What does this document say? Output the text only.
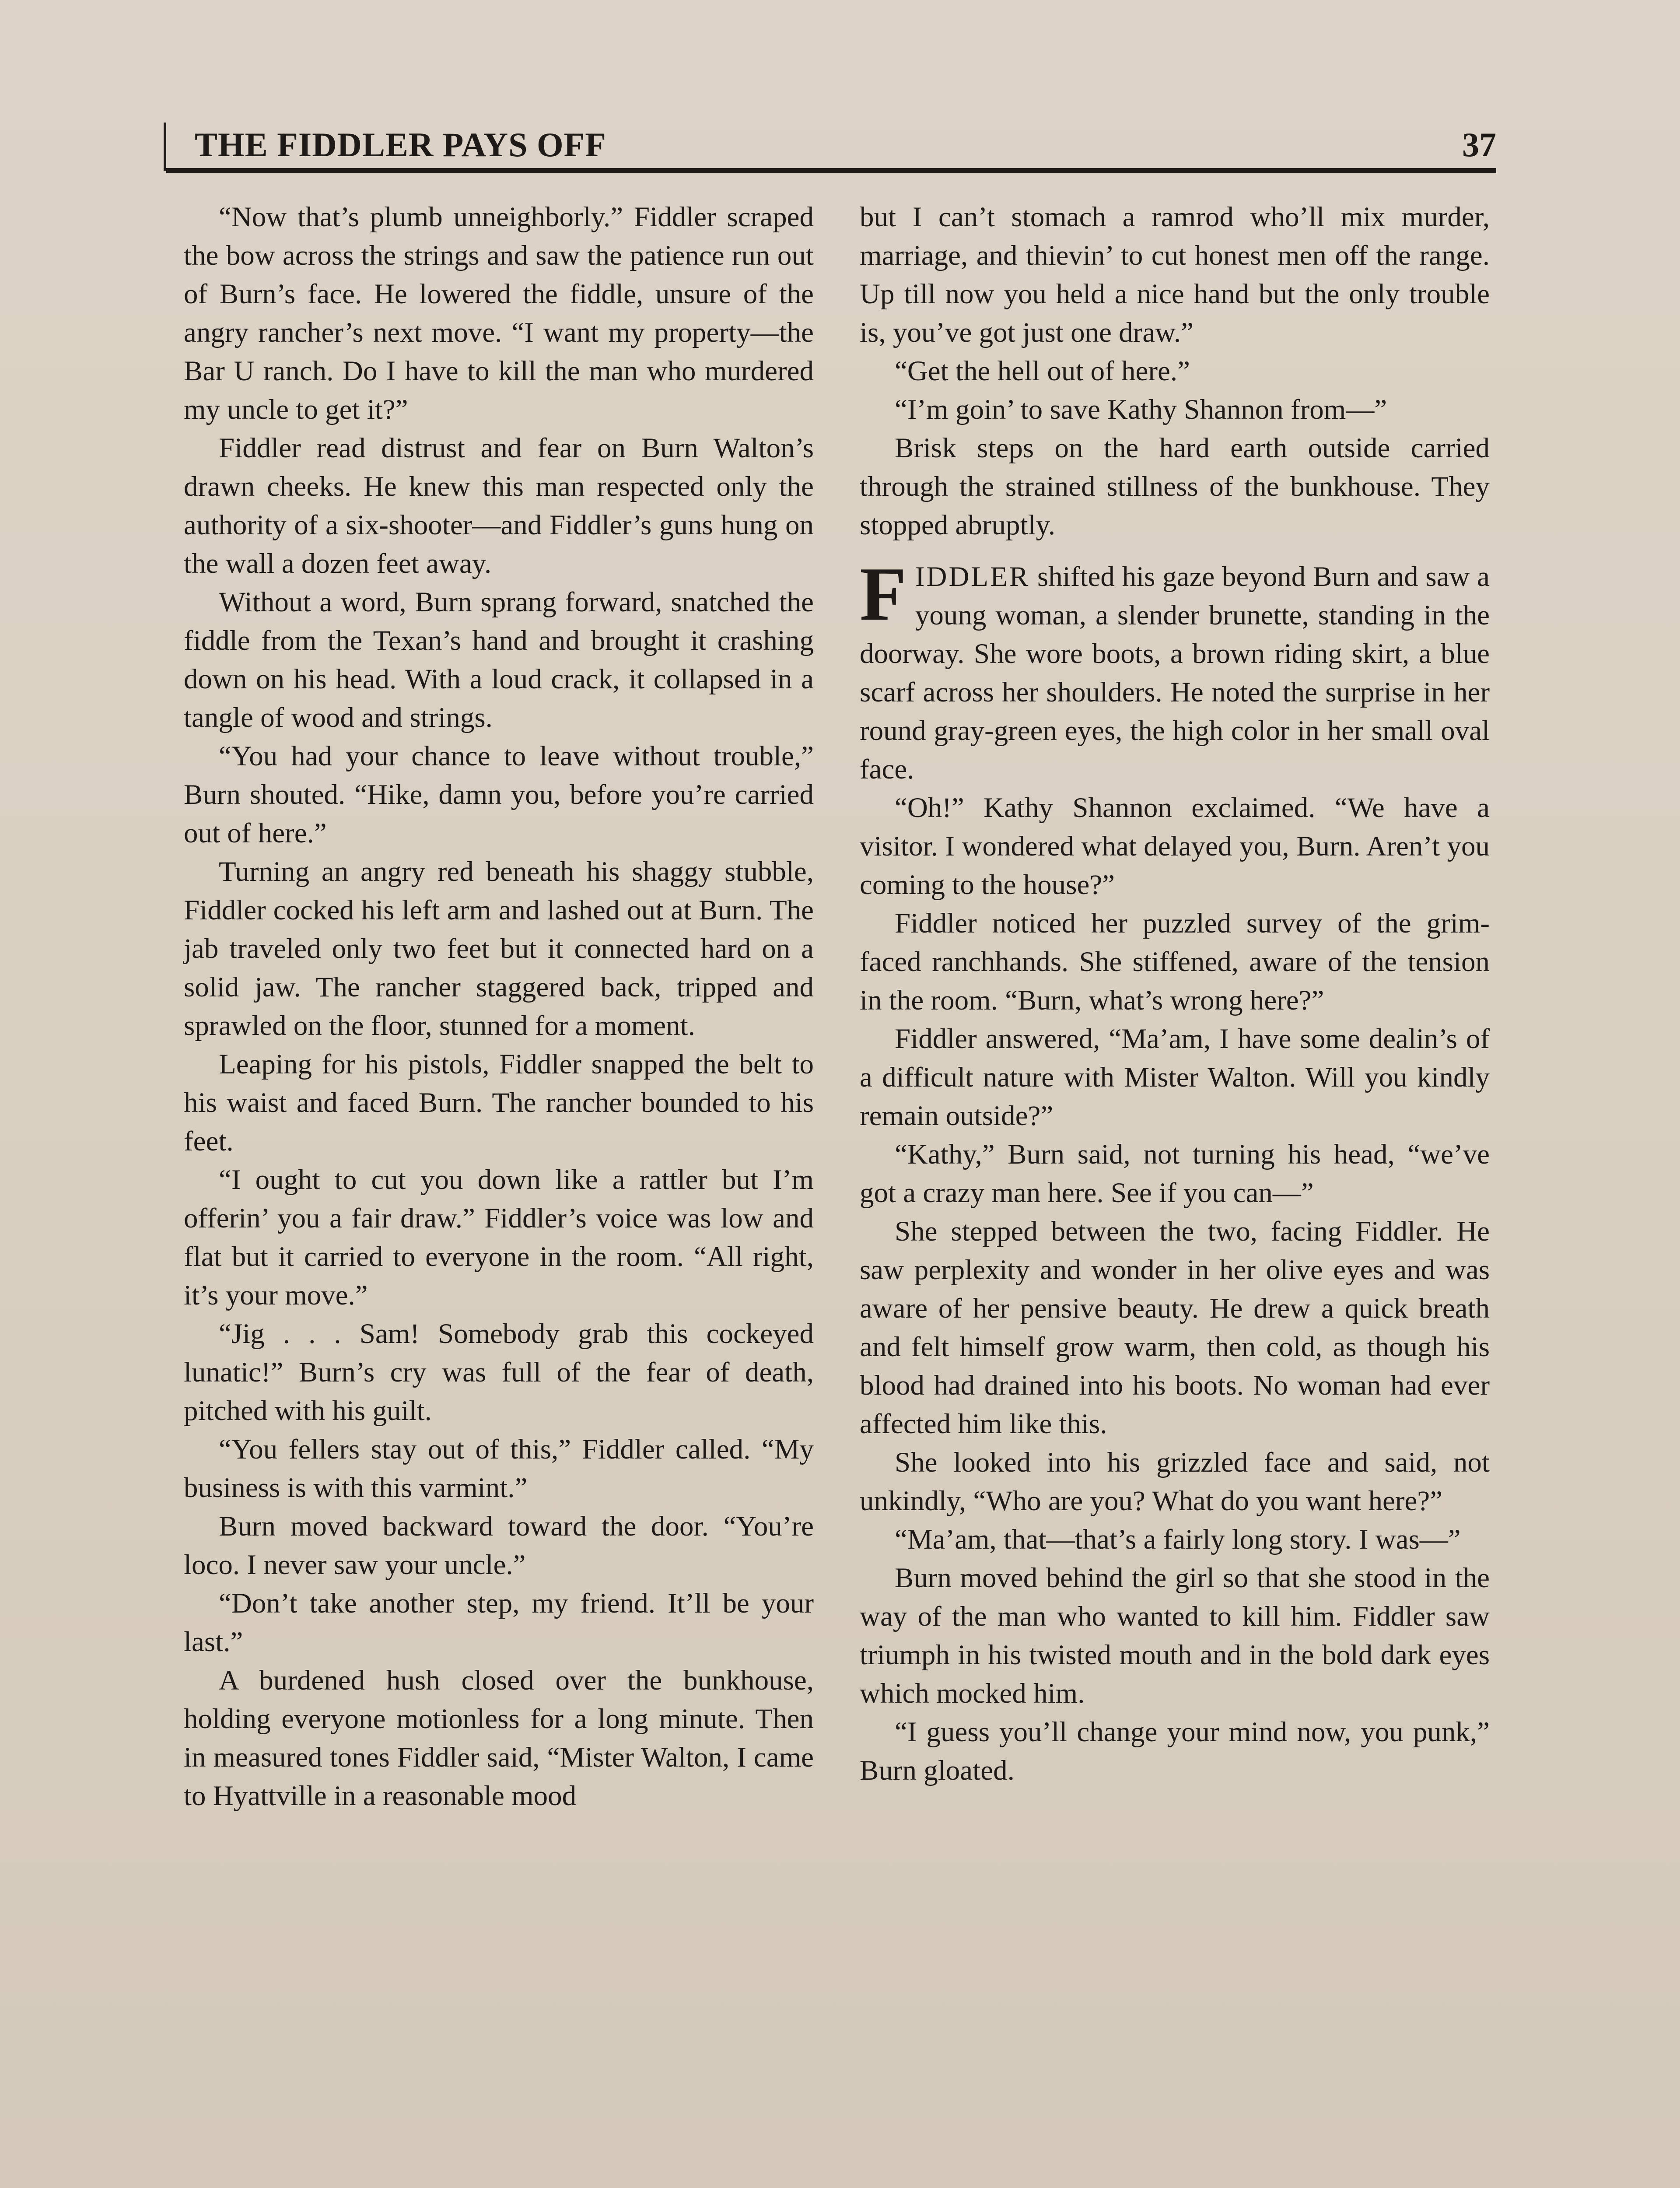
THE FIDDLER PAYS OFF	37

“Now that’s plumb unneighborly.” Fiddler scraped the bow across the strings and saw the patience run out of Burn’s face. He lowered the fiddle, unsure of the angry rancher’s next move. “I want my property—the Bar U ranch. Do I have to kill the man who murdered my uncle to get it?”

Fiddler read distrust and fear on Burn Walton’s drawn cheeks. He knew this man respected only the authority of a six-shooter—and Fiddler’s guns hung on the wall a dozen feet away.

Without a word, Burn sprang forward, snatched the fiddle from the Texan’s hand and brought it crashing down on his head. With a loud crack, it collapsed in a tangle of wood and strings.

“You had your chance to leave without trouble,” Burn shouted. “Hike, damn you, before you’re carried out of here.”

Turning an angry red beneath his shaggy stubble, Fiddler cocked his left arm and lashed out at Burn. The jab traveled only two feet but it connected hard on a solid jaw. The rancher staggered back, tripped and sprawled on the floor, stunned for a moment.

Leaping for his pistols, Fiddler snapped the belt to his waist and faced Burn. The rancher bounded to his feet.

“I ought to cut you down like a rattler but I’m offerin’ you a fair draw.” Fiddler’s voice was low and flat but it carried to everyone in the room. “All right, it’s your move.”

“Jig . . . Sam! Somebody grab this cockeyed lunatic!” Burn’s cry was full of the fear of death, pitched with his guilt.

“You fellers stay out of this,” Fiddler called. “My business is with this varmint.”

Burn moved backward toward the door. “You’re loco. I never saw your uncle.”

“Don’t take another step, my friend. It’ll be your last.”

A burdened hush closed over the bunkhouse, holding everyone motionless for a long minute. Then in measured tones Fiddler said, “Mister Walton, I came to Hyattville in a reasonable mood

but I can’t stomach a ramrod who’ll mix murder, marriage, and thievin’ to cut honest men off the range. Up till now you held a nice hand but the only trouble is, you’ve got just one draw.”

“Get the hell out of here.”

“I’m goin’ to save Kathy Shannon from—”

Brisk steps on the hard earth outside carried through the strained stillness of the bunkhouse. They stopped abruptly.

FIDDLER shifted his gaze beyond Burn and saw a young woman, a slender brunette, standing in the doorway. She wore boots, a brown riding skirt, a blue scarf across her shoulders. He noted the surprise in her round gray-green eyes, the high color in her small oval face.

“Oh!” Kathy Shannon exclaimed. “We have a visitor. I wondered what delayed you, Burn. Aren’t you coming to the house?”

Fiddler noticed her puzzled survey of the grim-faced ranchhands. She stiffened, aware of the tension in the room. “Burn, what’s wrong here?”

Fiddler answered, “Ma’am, I have some dealin’s of a difficult nature with Mister Walton. Will you kindly remain outside?”

“Kathy,” Burn said, not turning his head, “we’ve got a crazy man here. See if you can—”

She stepped between the two, facing Fiddler. He saw perplexity and wonder in her olive eyes and was aware of her pensive beauty. He drew a quick breath and felt himself grow warm, then cold, as though his blood had drained into his boots. No woman had ever affected him like this.

She looked into his grizzled face and said, not unkindly, “Who are you? What do you want here?”

“Ma’am, that—that’s a fairly long story. I was—”

Burn moved behind the girl so that she stood in the way of the man who wanted to kill him. Fiddler saw triumph in his twisted mouth and in the bold dark eyes which mocked him.

“I guess you’ll change your mind now, you punk,” Burn gloated.
